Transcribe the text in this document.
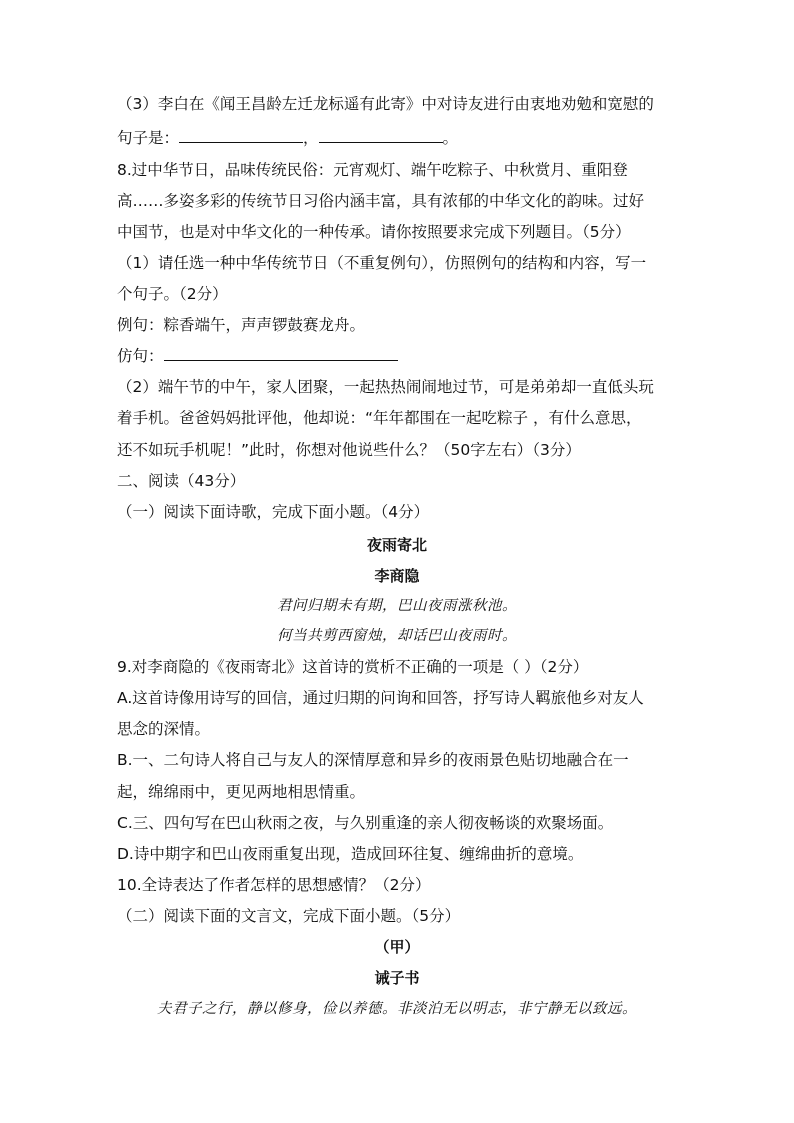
（3）李白在《闻王昌龄左迁龙标遥有此寄》中对诗友进行由衷地劝勉和宽慰的
句子是：	，	。
8.过中华节日，品味传统民俗：元宵观灯、端午吃粽子、中秋赏月、重阳登
高……多姿多彩的传统节日习俗内涵丰富，具有浓郁的中华文化的韵味。过好
中国节，也是对中华文化的一种传承。请你按照要求完成下列题目。（5分）
（1）请任选一种中华传统节日（不重复例句），仿照例句的结构和内容，写一
个句子。（2分）
例句：粽香端午，声声锣鼓赛龙舟。
仿句：
（2）端午节的中午，家人团聚，一起热热闹闹地过节，可是弟弟却一直低头玩
着手机。爸爸妈妈批评他，他却说：“年年都围在一起吃粽子 ，有什么意思，
还不如玩手机呢！”此时，你想对他说些什么？（50字左右）（3分）
二、阅读（43分）
（一）阅读下面诗歌，完成下面小题。（4分）
夜雨寄北
李商隐
君问归期未有期，巴山夜雨涨秋池。
何当共剪西窗烛，却话巴山夜雨时。
9.对李商隐的《夜雨寄北》这首诗的赏析不正确的一项是（ ）（2分）
A.这首诗像用诗写的回信，通过归期的问询和回答，抒写诗人羁旅他乡对友人
思念的深情。
B.一、二句诗人将自己与友人的深情厚意和异乡的夜雨景色贴切地融合在一
起，绵绵雨中，更见两地相思情重。
C.三、四句写在巴山秋雨之夜，与久别重逢的亲人彻夜畅谈的欢聚场面。
D.诗中期字和巴山夜雨重复出现，造成回环往复、缠绵曲折的意境。
10.全诗表达了作者怎样的思想感情？（2分）
（二）阅读下面的文言文，完成下面小题。（5分）
（甲）
诫子书
夫君子之行，静以修身，俭以养德。非淡泊无以明志，非宁静无以致远。
